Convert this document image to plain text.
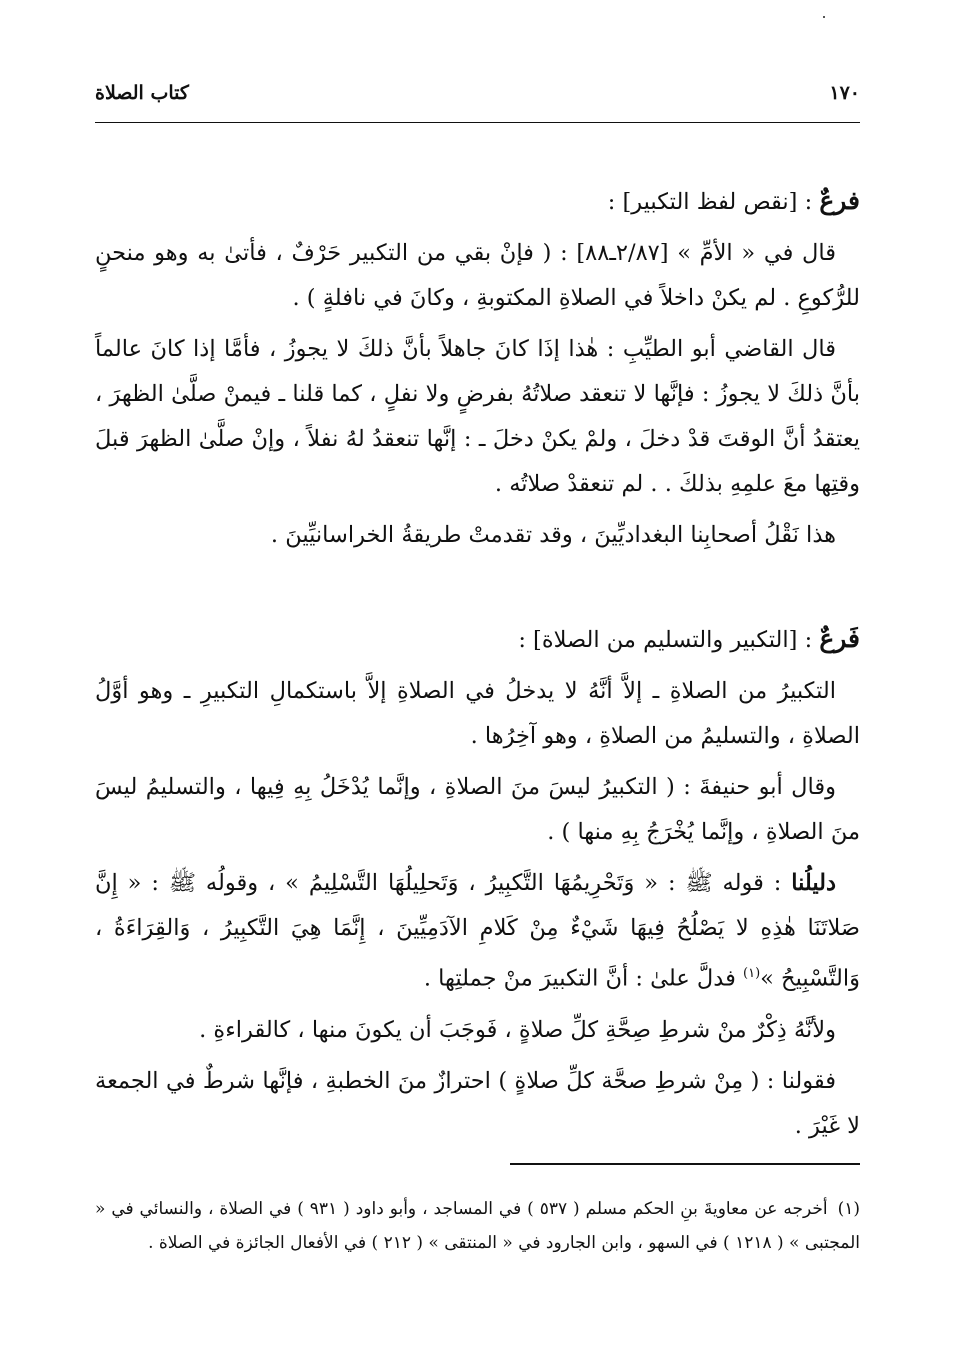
١٧٠
كتاب الصلاة

فرعٌ : [نقص لفظ التكبير] :

قال في « الأمِّ » [٢/٨٧ـ٨٨] : ( فإنْ بقي من التكبير حَرْفٌ ، فأتىٰ به وهو منحنٍ للرُّكوعِ . لم يكنْ داخلاً في الصلاةِ المكتوبةِ ، وكانَ في نافلةٍ ) .

قال القاضي أبو الطيِّبِ : هٰذا إذَا كانَ جاهلاً بأنَّ ذلكَ لا يجوزُ ، فأمَّا إذا كانَ عالماً بأنَّ ذلكَ لا يجوزُ : فإنَّها لا تنعقد صلاتُهُ بفرضٍ ولا نفلٍ ، كما قلنا ـ فيمنْ صلَّىٰ الظهرَ ، يعتقدُ أنَّ الوقتَ قدْ دخلَ ، ولمْ يكنْ دخلَ ـ : إنَّها تنعقدُ لهُ نفلاً ، وإنْ صلَّىٰ الظهرَ قبلَ وقتِها معَ علمِهِ بذلكَ . . لم تنعقدْ صلاتُه .

هذا نَقْلُ أصحابِنا البغداديِّينَ ، وقد تقدمتْ طريقةُ الخراسانيِّينَ .

فَرعٌ : [التكبير والتسليم من الصلاة] :

التكبيرُ من الصلاةِ ـ إلاَّ أنَّهُ لا يدخلُ في الصلاةِ إلاَّ باستكمالِ التكبيرِ ـ وهو أوَّلُ الصلاةِ ، والتسليمُ من الصلاةِ ، وهو آخِرُها .

وقال أبو حنيفةَ : ( التكبيرُ ليسَ منَ الصلاةِ ، وإنَّما يُدْخَلُ بِهِ فِيها ، والتسليمُ ليسَ منَ الصلاةِ ، وإنَّما يُخْرَجُ بِهِ منها ) .

دليلُنا : قوله ﷺ : « وَتَحْرِيمُهَا التَّكبِيرُ ، وَتَحلِيلُهَا التَّسْلِيمُ » ، وقولُه ﷺ : « إِنَّ صَلاتَنَا هٰذِهِ لا يَصْلُحُ فِيهَا شَيْءٌ مِنْ كَلامِ الآدَمِيِّينَ ، إِنَّمَا هِيَ التَّكبِيرُ ، وَالقِرَاءَةُ ، وَالتَّسْبِيحُ »$^{(١)}$ فدلَّ علىٰ : أنَّ التكبيرَ منْ جملتِها .

ولأنَّهُ ذِكْرٌ منْ شرطِ صِحَّةِ كلِّ صلاةٍ ، فَوجَبَ أن يكونَ منها ، كالقراءةِ .

فقولنا : ( مِنْ شرطِ صحَّة كلِّ صلاةٍ ) احترازٌ منَ الخطبةِ ، فإنَّها شرطٌ في الجمعة لا غَيْرَ .

(١)أخرجه عن معاويةَ بنِ الحكم مسلم ( ٥٣٧ ) في المساجد ، وأبو داود ( ٩٣١ ) في الصلاة ، والنسائي في « المجتبى » ( ١٢١٨ ) في السهو ، وابن الجارود في « المنتقى » ( ٢١٢ ) في الأفعال الجائزة في الصلاة .
